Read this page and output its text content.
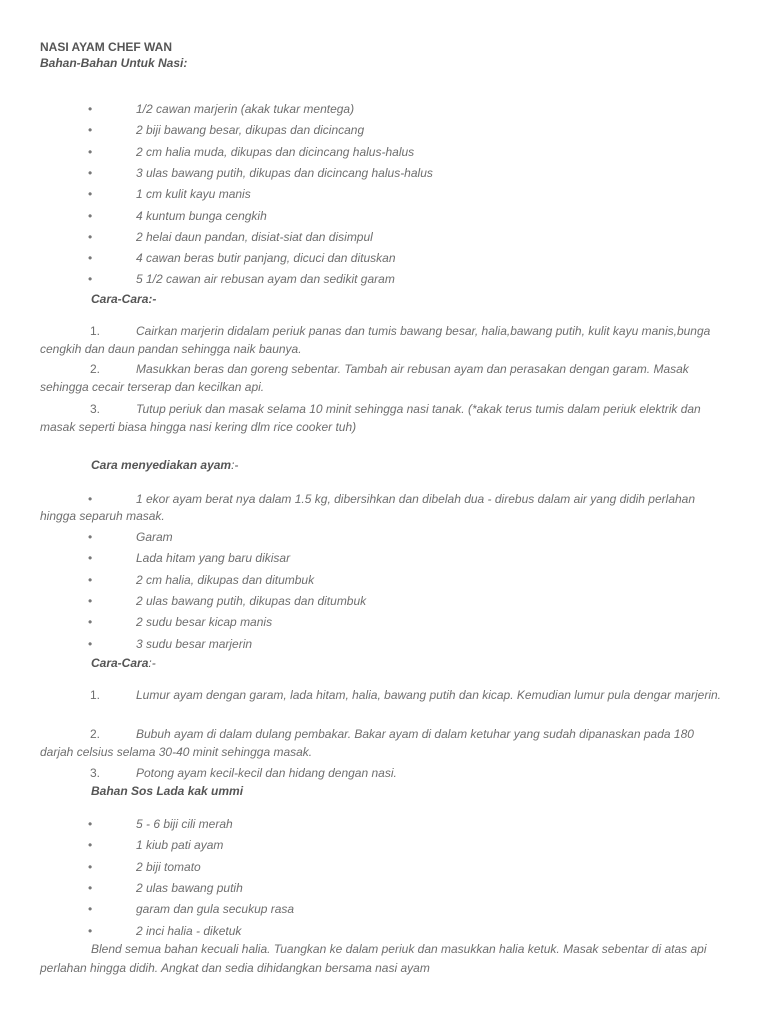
NASI AYAM CHEF WAN
Bahan-Bahan Untuk Nasi:
•	1/2 cawan marjerin (akak tukar mentega)
•	2 biji bawang besar, dikupas dan dicincang
•	2 cm halia muda, dikupas dan dicincang halus-halus
•	3 ulas bawang putih, dikupas dan dicincang halus-halus
•	1 cm kulit kayu manis
•	4 kuntum bunga cengkih
•	2 helai daun pandan, disiat-siat dan disimpul
•	4 cawan beras butir panjang, dicuci dan dituskan
•	5 1/2 cawan air rebusan ayam dan sedikit garam
Cara-Cara:-
1.	Cairkan marjerin didalam periuk panas dan tumis bawang besar, halia,bawang putih, kulit kayu manis,bunga cengkih dan daun pandan sehingga naik baunya.
2.	Masukkan beras dan goreng sebentar. Tambah air rebusan ayam dan perasakan dengan garam. Masak sehingga cecair terserap dan kecilkan api.
3.	Tutup periuk dan masak selama 10 minit sehingga nasi tanak. (*akak terus tumis dalam periuk elektrik dan masak seperti biasa hingga nasi kering dlm rice cooker tuh)
Cara menyediakan ayam:-
•	1 ekor ayam berat nya dalam 1.5 kg, dibersihkan dan dibelah dua - direbus dalam air yang didih perlahan hingga separuh masak.
•	Garam
•	Lada hitam yang baru dikisar
•	2 cm halia, dikupas dan ditumbuk
•	2 ulas bawang putih, dikupas dan ditumbuk
•	2 sudu besar kicap manis
•	3 sudu besar marjerin
Cara-Cara:-
1.	Lumur ayam dengan garam, lada hitam, halia, bawang putih dan kicap. Kemudian lumur pula dengar marjerin.
2.	Bubuh ayam di dalam dulang pembakar. Bakar ayam di dalam ketuhar yang sudah dipanaskan pada 180 darjah celsius selama 30-40 minit sehingga masak.
3.	Potong ayam kecil-kecil dan hidang dengan nasi.
Bahan Sos Lada kak ummi
•	5 - 6 biji cili merah
•	1 kiub pati ayam
•	2 biji tomato
•	2 ulas bawang putih
•	garam dan gula secukup rasa
•	2 inci halia - diketuk
Blend semua bahan kecuali halia. Tuangkan ke dalam periuk dan masukkan halia ketuk. Masak sebentar di atas api perlahan hingga didih. Angkat dan sedia dihidangkan bersama nasi ayam
